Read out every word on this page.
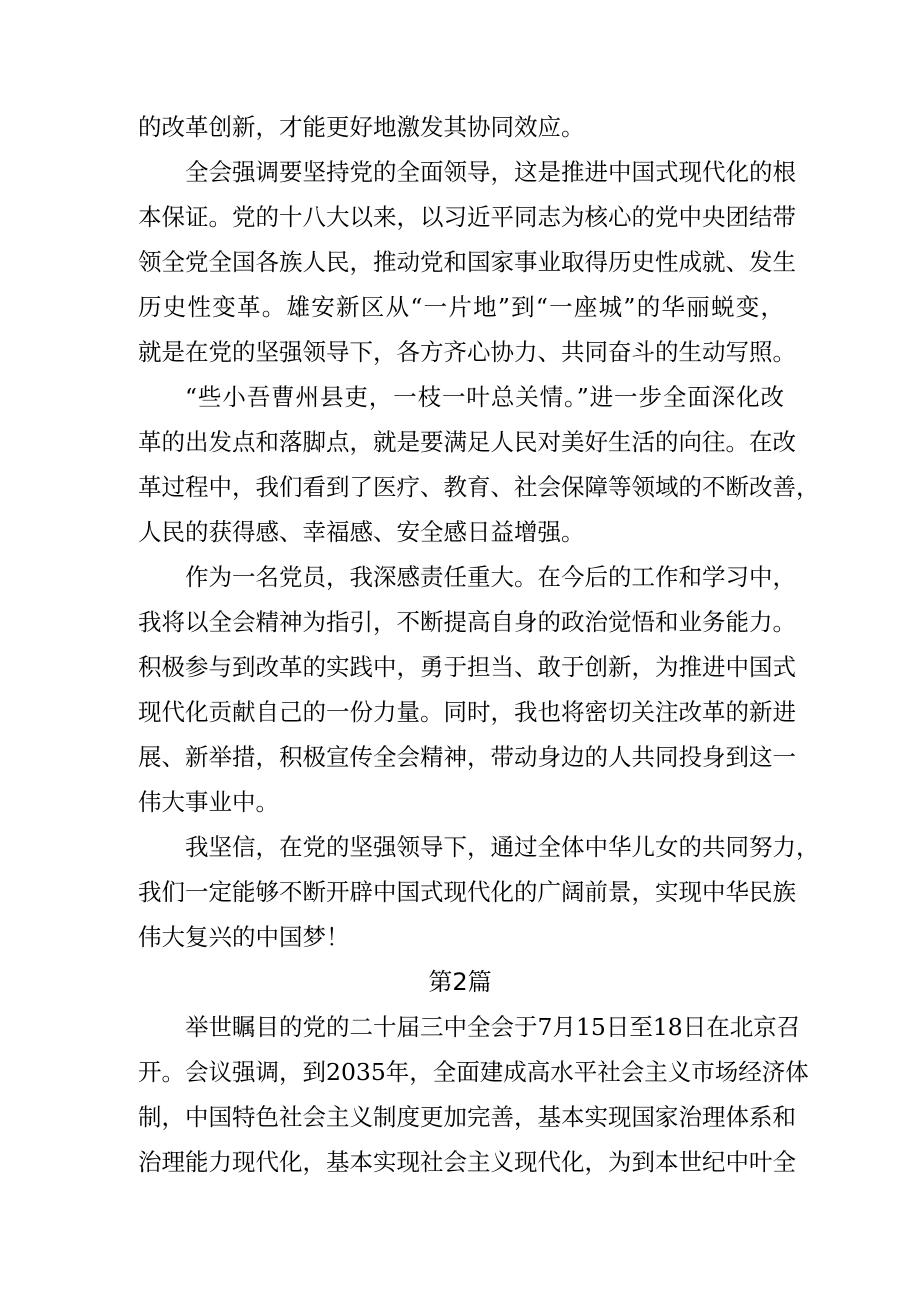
的改革创新，才能更好地激发其协同效应。
全会强调要坚持党的全面领导，这是推进中国式现代化的根
本保证。党的十八大以来，以习近平同志为核心的党中央团结带
领全党全国各族人民，推动党和国家事业取得历史性成就、发生
历史性变革。雄安新区从“一片地”到“一座城”的华丽蜕变，
就是在党的坚强领导下，各方齐心协力、共同奋斗的生动写照。
“些小吾曹州县吏，一枝一叶总关情。”进一步全面深化改
革的出发点和落脚点，就是要满足人民对美好生活的向往。在改
革过程中，我们看到了医疗、教育、社会保障等领域的不断改善，
人民的获得感、幸福感、安全感日益增强。
作为一名党员，我深感责任重大。在今后的工作和学习中，
我将以全会精神为指引，不断提高自身的政治觉悟和业务能力。
积极参与到改革的实践中，勇于担当、敢于创新，为推进中国式
现代化贡献自己的一份力量。同时，我也将密切关注改革的新进
展、新举措，积极宣传全会精神，带动身边的人共同投身到这一
伟大事业中。
我坚信，在党的坚强领导下，通过全体中华儿女的共同努力，
我们一定能够不断开辟中国式现代化的广阔前景，实现中华民族
伟大复兴的中国梦！
第2篇
举世瞩目的党的二十届三中全会于7月15日至18日在北京召
开。会议强调，到2035年，全面建成高水平社会主义市场经济体
制，中国特色社会主义制度更加完善，基本实现国家治理体系和
治理能力现代化，基本实现社会主义现代化，为到本世纪中叶全
